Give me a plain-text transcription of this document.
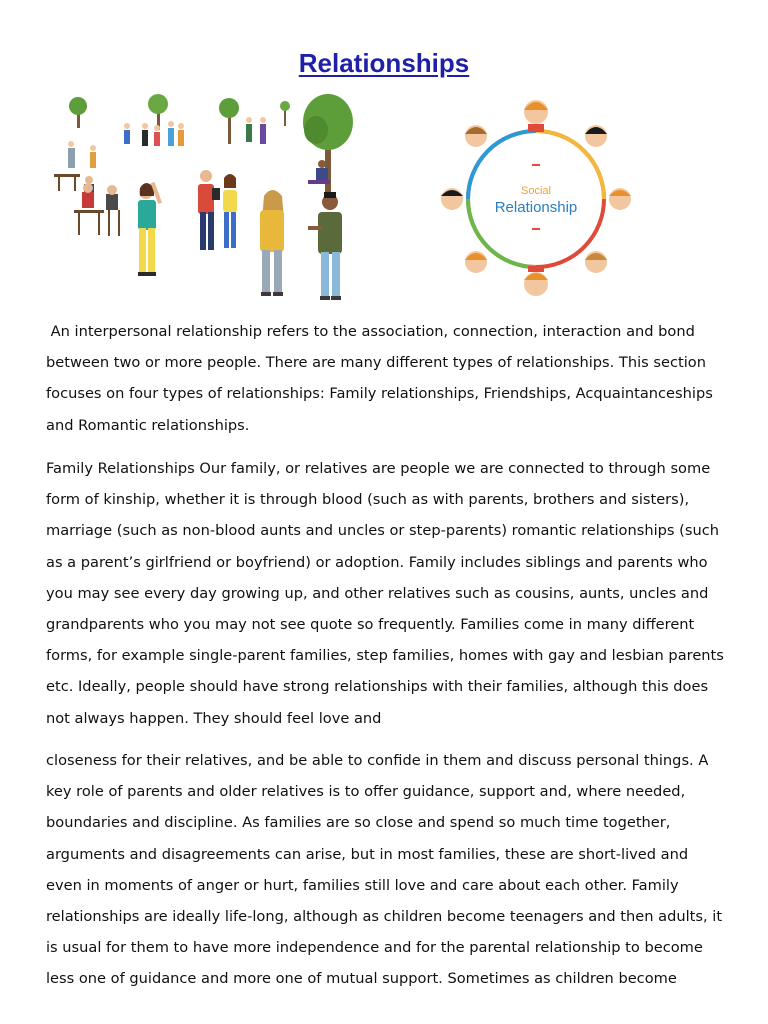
Relationships
Social
Relationship

An interpersonal relationship refers to the association, connection, interaction and bond between two or more people. There are many different types of relationships. This section focuses on four types of relationships: Family relationships, Friendships, Acquaintanceships and Romantic relationships.

Family Relationships Our family, or relatives are people we are connected to through some form of kinship, whether it is through blood (such as with parents, brothers and sisters), marriage (such as non-blood aunts and uncles or step-parents) romantic relationships (such as a parent’s girlfriend or boyfriend) or adoption. Family includes siblings and parents who you may see every day growing up, and other relatives such as cousins, aunts, uncles and grandparents who you may not see quote so frequently. Families come in many different forms, for example single-parent families, step families, homes with gay and lesbian parents etc. Ideally, people should have strong relationships with their families, although this does not always happen. They should feel love and

closeness for their relatives, and be able to confide in them and discuss personal things. A key role of parents and older relatives is to offer guidance, support and, where needed, boundaries and discipline. As families are so close and spend so much time together, arguments and disagreements can arise, but in most families, these are short-lived and even in moments of anger or hurt, families still love and care about each other. Family relationships are ideally life-long, although as children become teenagers and then adults, it is usual for them to have more independence and for the parental relationship to become less one of guidance and more one of mutual support. Sometimes as children become
